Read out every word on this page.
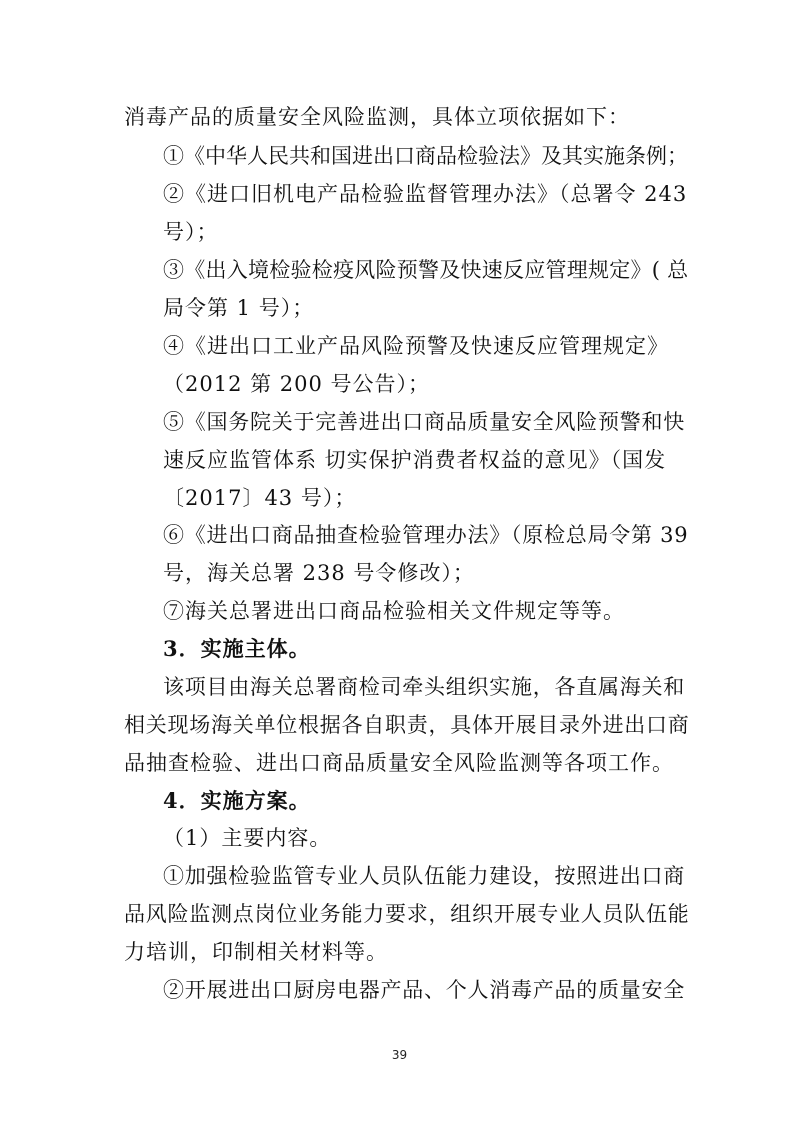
消毒产品的质量安全风险监测，具体立项依据如下：
①《中华人民共和国进出口商品检验法》及其实施条例；
②《进口旧机电产品检验监督管理办法》（总署令 243
号）；
③《出入境检验检疫风险预警及快速反应管理规定》( 总
局令第 1 号）；
④《进出口工业产品风险预警及快速反应管理规定》
（2012 第 200 号公告）；
⑤《国务院关于完善进出口商品质量安全风险预警和快
速反应监管体系 切实保护消费者权益的意见》（国发
〔2017〕43 号）；
⑥《进出口商品抽查检验管理办法》（原检总局令第 39
号，海关总署 238 号令修改）；
⑦海关总署进出口商品检验相关文件规定等等。
3．实施主体。
该项目由海关总署商检司牵头组织实施，各直属海关和
相关现场海关单位根据各自职责，具体开展目录外进出口商
品抽查检验、进出口商品质量安全风险监测等各项工作。
4．实施方案。
（1）主要内容。
①加强检验监管专业人员队伍能力建设，按照进出口商
品风险监测点岗位业务能力要求，组织开展专业人员队伍能
力培训，印制相关材料等。
②开展进出口厨房电器产品、个人消毒产品的质量安全
39
